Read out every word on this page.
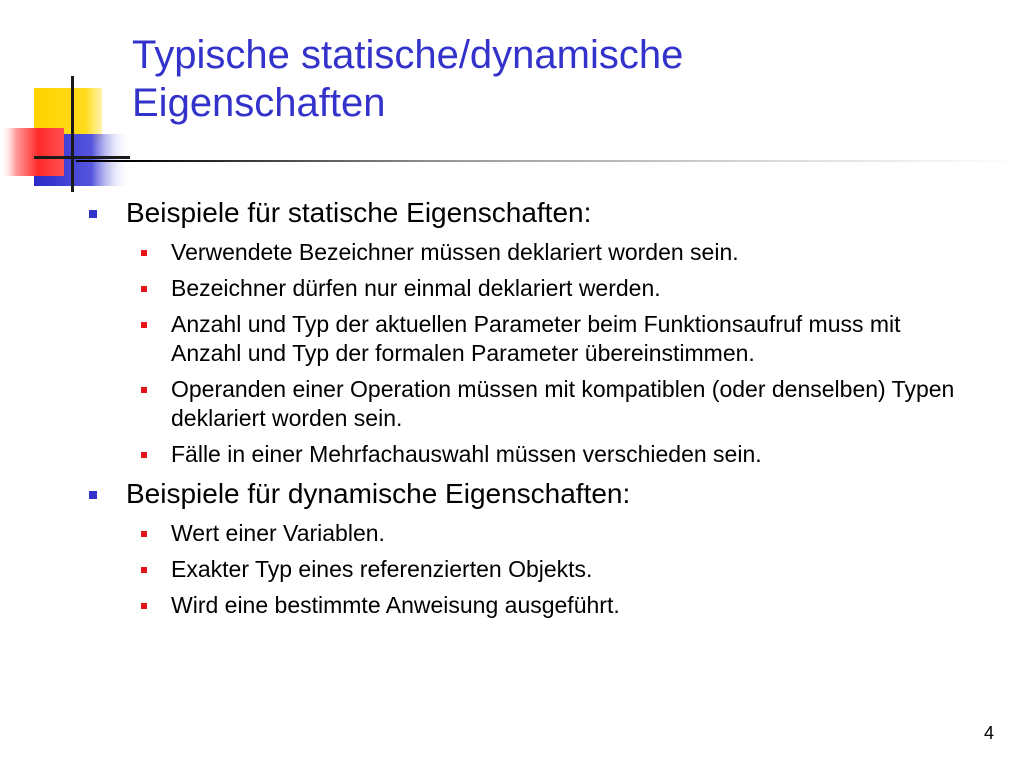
Typische statische/dynamische
Eigenschaften
Beispiele für statische Eigenschaften:
Verwendete Bezeichner müssen deklariert worden sein.
Bezeichner dürfen nur einmal deklariert werden.
Anzahl und Typ der aktuellen Parameter beim Funktionsaufruf muss mit Anzahl und Typ der formalen Parameter übereinstimmen.
Operanden einer Operation müssen mit kompatiblen (oder denselben) Typen deklariert worden sein.
Fälle in einer Mehrfachauswahl müssen verschieden sein.
Beispiele für dynamische Eigenschaften:
Wert einer Variablen.
Exakter Typ eines referenzierten Objekts.
Wird eine bestimmte Anweisung ausgeführt.
4
